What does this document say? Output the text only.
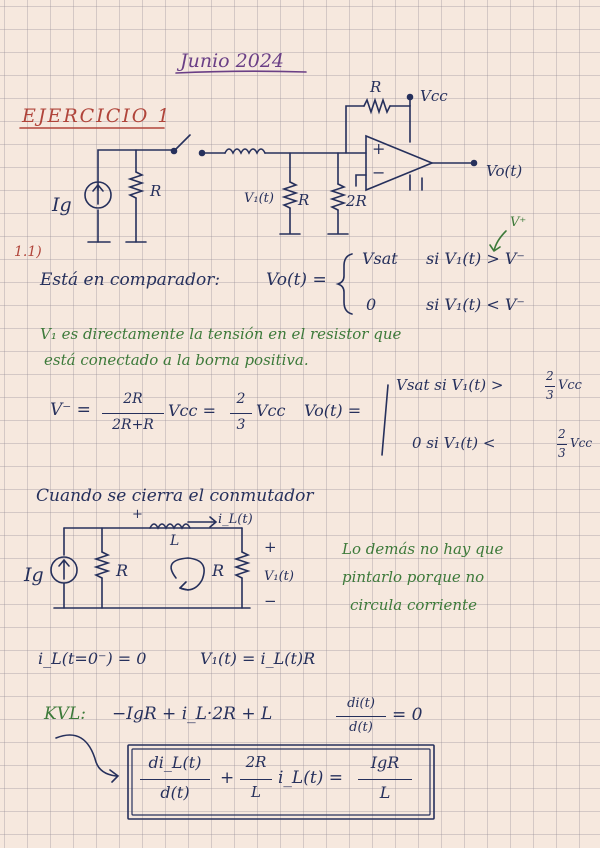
Junio 2024
EJERCICIO 1
Ig
R
R	Vcc
V₁(t) R 2R
+
−	Vo(t)
1.1)
V⁺
Está en comparador:	Vo(t) =
Vsat si V₁(t) > V⁻
0	si V₁(t) < V⁻
V₁ es directamente la tensión en el resistor que
está conectado a la borna positiva.
V⁻ =
2R
2R+R
Vcc =
2
3
Vcc Vo(t) =
Vsat si V₁(t) >	2
3
Vcc
0 si V₁(t) <	2
3
Vcc
Cuando se cierra el conmutador
+	i_L(t)
L
Ig	R	R
+
V₁(t)
−
Lo demás no hay que
pintarlo porque no
circula corriente
i_L(t=0⁻) = 0	V₁(t) = i_L(t)R
KVL: −IgR + i_L·2R + L
di(t)
d(t)
= 0
di_L(t)
d(t)
+
2R
L
i_L(t) =
IgR
L
